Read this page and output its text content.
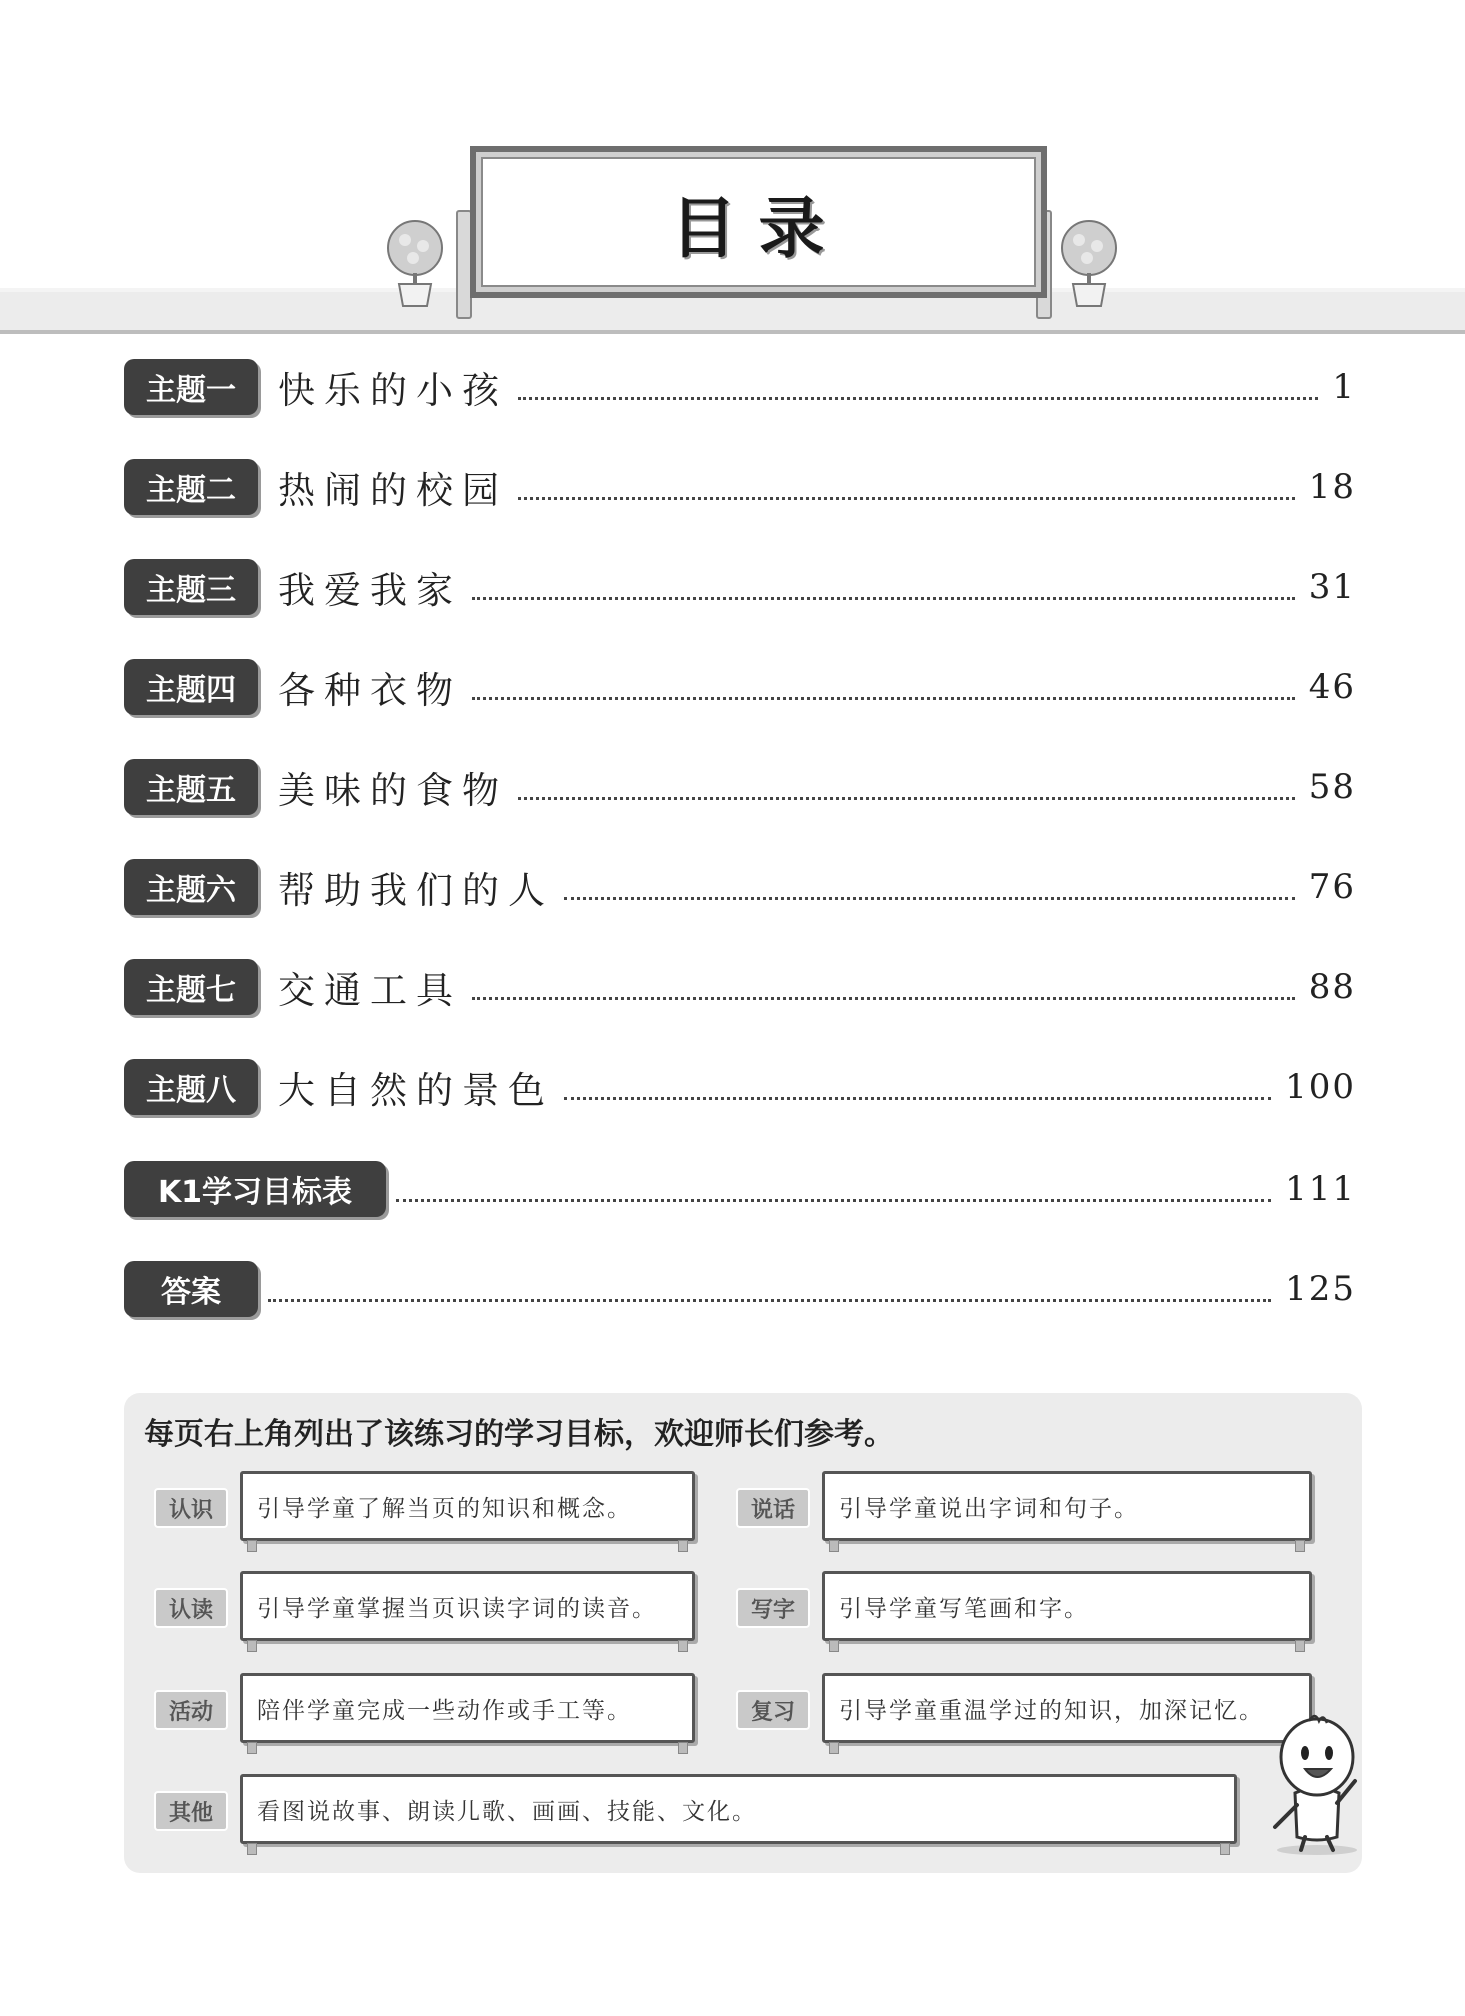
目录
主题一	快乐的小孩	1
主题二	热闹的校园	18
主题三	我爱我家	31
主题四	各种衣物	46
主题五	美味的食物	58
主题六	帮助我们的人	76
主题七	交通工具	88
主题八	大自然的景色	100
K1学习目标表	111
答案	125
每页右上角列出了该练习的学习目标，欢迎师长们参考。
认识	引导学童了解当页的知识和概念。	说话	引导学童说出字词和句子。
认读	引导学童掌握当页识读字词的读音。	写字	引导学童写笔画和字。
活动	陪伴学童完成一些动作或手工等。	复习	引导学童重温学过的知识，加深记忆。
其他	看图说故事、朗读儿歌、画画、技能、文化。
